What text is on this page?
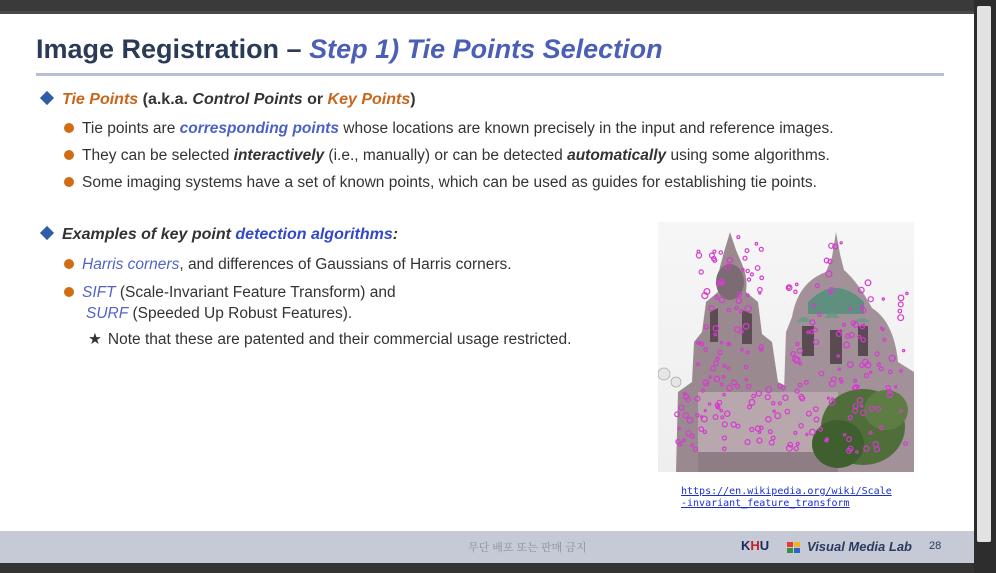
Image Registration – Step 1) Tie Points Selection
Tie Points (a.k.a. Control Points or Key Points)
Tie points are corresponding points whose locations are known precisely in the input and reference images.
They can be selected interactively (i.e., manually) or can be detected automatically using some algorithms.
Some imaging systems have a set of known points, which can be used as guides for establishing tie points.
Examples of key point detection algorithms:
Harris corners, and differences of Gaussians of Harris corners.
SIFT (Scale-Invariant Feature Transform) and
SURF (Speeded Up Robust Features).
★ Note that these are patented and their commercial usage restricted.
https://en.wikipedia.org/wiki/Scale
-invariant_feature_transform
무단 배포 또는 판매 금지	KHU	Visual Media Lab 28
